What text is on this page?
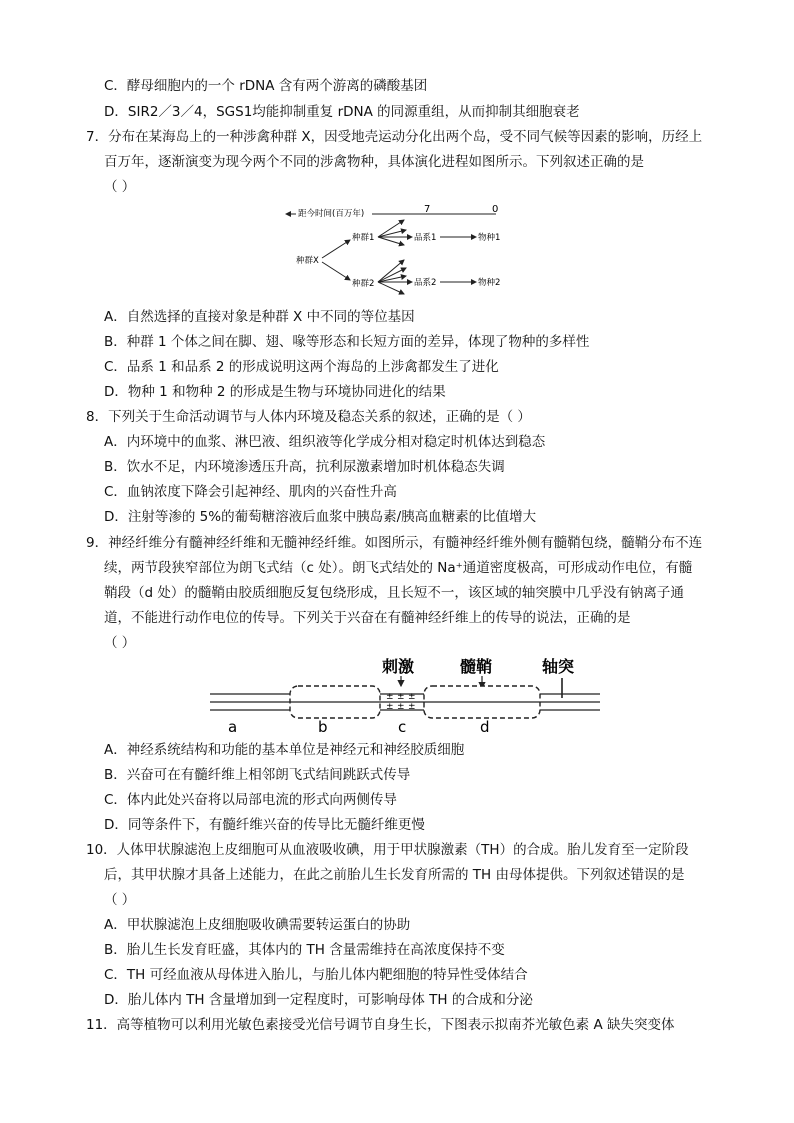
C．酵母细胞内的一个 rDNA 含有两个游离的磷酸基团
D．SIR2／3／4，SGS1均能抑制重复 rDNA 的同源重组，从而抑制其细胞衰老
7．分布在某海岛上的一种涉禽种群 X，因受地壳运动分化出两个岛，受不同气候等因素的影响，历经上
百万年，逐渐演变为现今两个不同的涉禽物种，具体演化进程如图所示。下列叙述正确的是
（ ）
距今时间(百万年)	7	0
种群X
种群1	品系1	物种1
种群2	品系2	物种2
A．自然选择的直接对象是种群 X 中不同的等位基因
B．种群 1 个体之间在脚、翅、喙等形态和长短方面的差异，体现了物种的多样性
C．品系 1 和品系 2 的形成说明这两个海岛的上涉禽都发生了进化
D．物种 1 和物种 2 的形成是生物与环境协同进化的结果
8．下列关于生命活动调节与人体内环境及稳态关系的叙述，正确的是（ ）
A．内环境中的血浆、淋巴液、组织液等化学成分相对稳定时机体达到稳态
B．饮水不足，内环境渗透压升高，抗利尿激素增加时机体稳态失调
C．血钠浓度下降会引起神经、肌肉的兴奋性升高
D．注射等渗的 5%的葡萄糖溶液后血浆中胰岛素/胰高血糖素的比值增大
9．神经纤维分有髓神经纤维和无髓神经纤维。如图所示，有髓神经纤维外侧有髓鞘包绕，髓鞘分布不连
续，两节段狭窄部位为朗飞式结（c 处）。朗飞式结处的 Na⁺通道密度极高，可形成动作电位，有髓
鞘段（d 处）的髓鞘由胶质细胞反复包绕形成，且长短不一，该区域的轴突膜中几乎没有钠离子通
道，不能进行动作电位的传导。下列关于兴奋在有髓神经纤维上的传导的说法，正确的是
（ ）
刺激	髓鞘	轴突
± ± ±
± ± ±
a	b	c	d
A．神经系统结构和功能的基本单位是神经元和神经胶质细胞
B．兴奋可在有髓纤维上相邻朗飞式结间跳跃式传导
C．体内此处兴奋将以局部电流的形式向两侧传导
D．同等条件下，有髓纤维兴奋的传导比无髓纤维更慢
10．人体甲状腺滤泡上皮细胞可从血液吸收碘，用于甲状腺激素（TH）的合成。胎儿发育至一定阶段
后，其甲状腺才具备上述能力，在此之前胎儿生长发育所需的 TH 由母体提供。下列叙述错误的是
（ ）
A．甲状腺滤泡上皮细胞吸收碘需要转运蛋白的协助
B．胎儿生长发育旺盛，其体内的 TH 含量需维持在高浓度保持不变
C．TH 可经血液从母体进入胎儿，与胎儿体内靶细胞的特异性受体结合
D．胎儿体内 TH 含量增加到一定程度时，可影响母体 TH 的合成和分泌
11．高等植物可以利用光敏色素接受光信号调节自身生长，下图表示拟南芥光敏色素 A 缺失突变体
